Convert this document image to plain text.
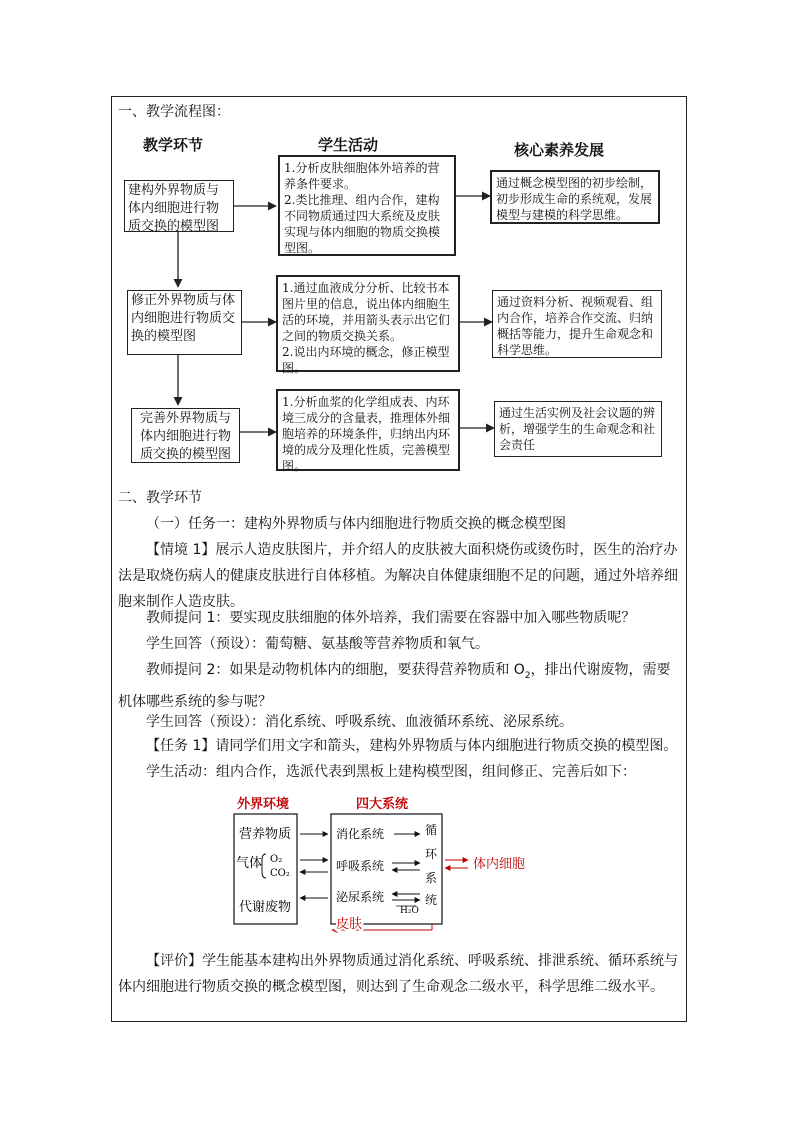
一、教学流程图：
教学环节	学生活动	核心素养发展
建构外界物质与体内细胞进行物质交换的模型图
1.分析皮肤细胞体外培养的营养条件要求。
2.类比推理、组内合作，建构不同物质通过四大系统及皮肤实现与体内细胞的物质交换模型图。
通过概念模型图的初步绘制，初步形成生命的系统观，发展模型与建模的科学思维。
修正外界物质与体内细胞进行物质交换的模型图
1.通过血液成分分析、比较书本图片里的信息，说出体内细胞生活的环境，并用箭头表示出它们之间的物质交换关系。
2.说出内环境的概念，修正模型图。
通过资料分析、视频观看、组内合作，培养合作交流、归纳概括等能力，提升生命观念和科学思维。
完善外界物质与体内细胞进行物质交换的模型图
1.分析血浆的化学组成表、内环境三成分的含量表，推理体外细胞培养的环境条件，归纳出内环境的成分及理化性质，完善模型图。
通过生活实例及社会议题的辨析，增强学生的生命观念和社会责任
二、教学环节
（一）任务一：建构外界物质与体内细胞进行物质交换的概念模型图
【情境 1】展示人造皮肤图片，并介绍人的皮肤被大面积烧伤或烫伤时，医生的治疗办法是取烧伤病人的健康皮肤进行自体移植。为解决自体健康细胞不足的问题，通过外培养细胞来制作人造皮肤。
教师提问 1：要实现皮肤细胞的体外培养，我们需要在容器中加入哪些物质呢？
学生回答（预设）：葡萄糖、氨基酸等营养物质和氧气。
教师提问 2：如果是动物机体内的细胞，要获得营养物质和 $O_2$，排出代谢废物，需要机体哪些系统的参与呢？
学生回答（预设）：消化系统、呼吸系统、血液循环系统、泌尿系统。
【任务 1】请同学们用文字和箭头，建构外界物质与体内细胞进行物质交换的模型图。
学生活动：组内合作，选派代表到黑板上建构模型图，组间修正、完善后如下：
外界环境	四大系统
营养物质
气体 O₂
CO₂
代谢废物
消化系统
呼吸系统
泌尿系统
循
环
系
统
H₂O
体内细胞
皮肤
【评价】学生能基本建构出外界物质通过消化系统、呼吸系统、排泄系统、循环系统与体内细胞进行物质交换的概念模型图，则达到了生命观念二级水平，科学思维二级水平。
